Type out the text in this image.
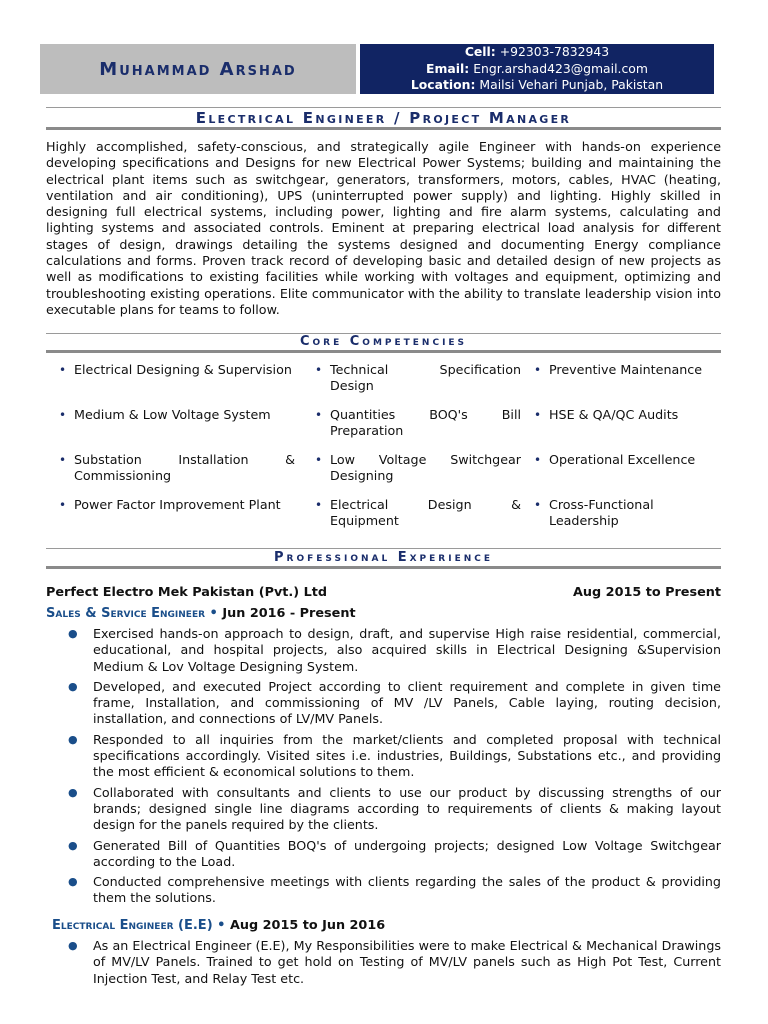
Muhammad Arshad
Cell: +92303-7832943
Email: Engr.arshad423@gmail.com
Location: Mailsi Vehari Punjab, Pakistan
Electrical Engineer / Project Manager
Highly accomplished, safety-conscious, and strategically agile Engineer with hands-on experience developing specifications and Designs for new Electrical Power Systems; building and maintaining the electrical plant items such as switchgear, generators, transformers, motors, cables, HVAC (heating, ventilation and air conditioning), UPS (uninterrupted power supply) and lighting. Highly skilled in designing full electrical systems, including power, lighting and fire alarm systems, calculating and lighting systems and associated controls. Eminent at preparing electrical load analysis for different stages of design, drawings detailing the systems designed and documenting Energy compliance calculations and forms. Proven track record of developing basic and detailed design of new projects as well as modifications to existing facilities while working with voltages and equipment, optimizing and troubleshooting existing operations. Elite communicator with the ability to translate leadership vision into executable plans for teams to follow.
Core Competencies
• Electrical Designing & Supervision
• Medium & Low Voltage System
• Substation Installation & Commissioning
• Power Factor Improvement Plant
• Technical Specification Design
• Quantities BOQ's Bill Preparation
• Low Voltage Switchgear Designing
• Electrical Design & Equipment
• Preventive Maintenance
• HSE & QA/QC Audits
• Operational Excellence
• Cross-Functional Leadership
Professional Experience
Perfect Electro Mek Pakistan (Pvt.) Ltd	Aug 2015 to Present
Sales & Service Engineer • Jun 2016 - Present
● Exercised hands-on approach to design, draft, and supervise High raise residential, commercial, educational, and hospital projects, also acquired skills in Electrical Designing &Supervision Medium & Lov Voltage Designing System.
● Developed, and executed Project according to client requirement and complete in given time frame, Installation, and commissioning of MV /LV Panels, Cable laying, routing decision, installation, and connections of LV/MV Panels.
● Responded to all inquiries from the market/clients and completed proposal with technical specifications accordingly. Visited sites i.e. industries, Buildings, Substations etc., and providing the most efficient & economical solutions to them.
● Collaborated with consultants and clients to use our product by discussing strengths of our brands; designed single line diagrams according to requirements of clients & making layout design for the panels required by the clients.
● Generated Bill of Quantities BOQ's of undergoing projects; designed Low Voltage Switchgear according to the Load.
● Conducted comprehensive meetings with clients regarding the sales of the product & providing them the solutions.
Electrical Engineer (E.E) • Aug 2015 to Jun 2016
● As an Electrical Engineer (E.E), My Responsibilities were to make Electrical & Mechanical Drawings of MV/LV Panels. Trained to get hold on Testing of MV/LV panels such as High Pot Test, Current Injection Test, and Relay Test etc.
